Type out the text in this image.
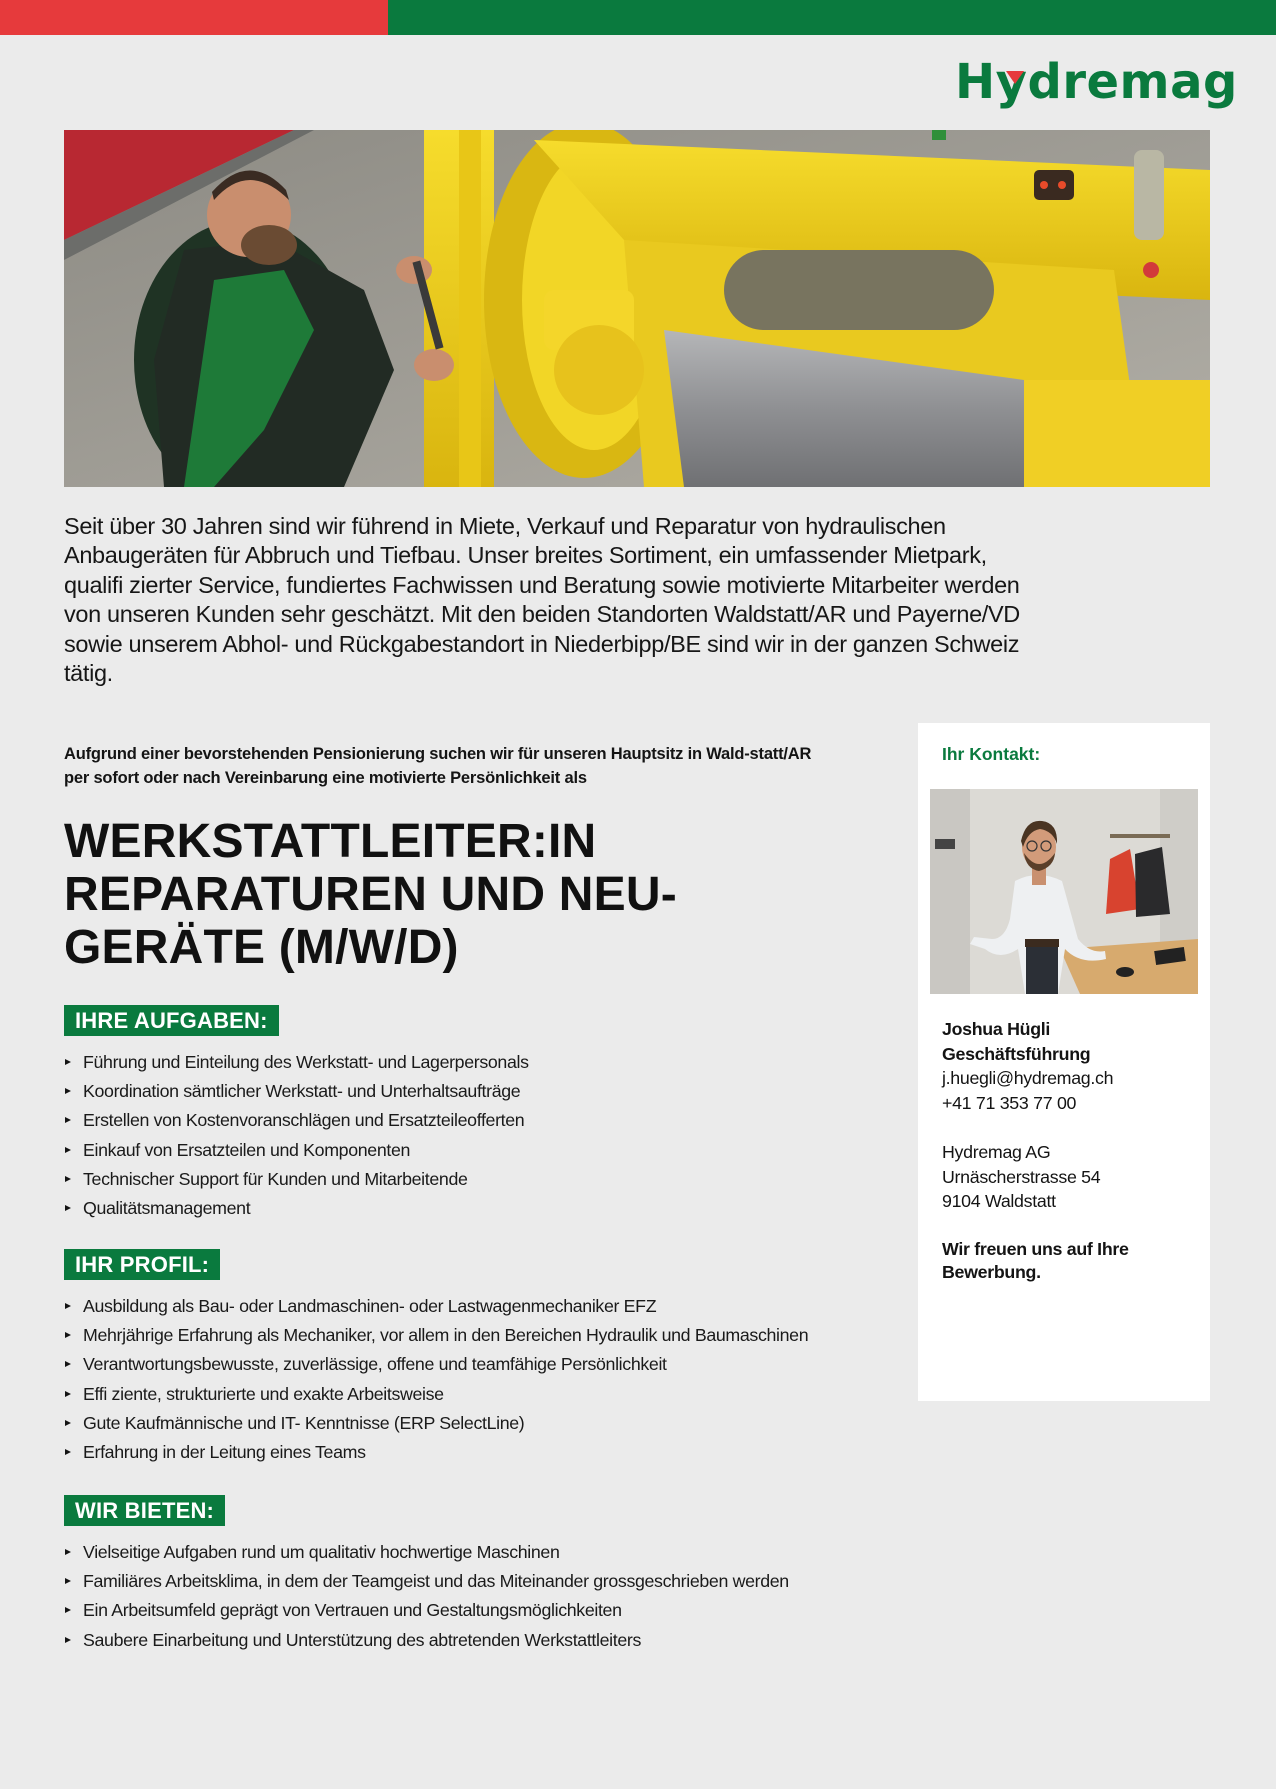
Hydremag

Seit über 30 Jahren sind wir führend in Miete, Verkauf und Reparatur von hydraulischen Anbaugeräten für Abbruch und Tiefbau. Unser breites Sortiment, ein umfassender Mietpark, qualifi zierter Service, fundiertes Fachwissen und Beratung sowie motivierte Mitarbeiter werden von unseren Kunden sehr geschätzt. Mit den beiden Standorten Waldstatt/AR und Payerne/VD sowie unserem Abhol- und Rückgabestandort in Niederbipp/BE sind wir in der ganzen Schweiz tätig.

Aufgrund einer bevorstehenden Pensionierung suchen wir für unseren Hauptsitz in Wald-statt/AR per sofort oder nach Vereinbarung eine motivierte Persönlichkeit als

WERKSTATTLEITER:IN REPARATUREN UND NEU-GERÄTE (M/W/D)
IHRE AUFGABEN:
Führung und Einteilung des Werkstatt- und Lagerpersonals
Koordination sämtlicher Werkstatt- und Unterhaltsaufträge
Erstellen von Kostenvoranschlägen und Ersatzteileofferten
Einkauf von Ersatzteilen und Komponenten
Technischer Support für Kunden und Mitarbeitende
Qualitätsmanagement
IHR PROFIL:
Ausbildung als Bau- oder Landmaschinen- oder Lastwagenmechaniker EFZ
Mehrjährige Erfahrung als Mechaniker, vor allem in den Bereichen Hydraulik und Baumaschinen
Verantwortungsbewusste, zuverlässige, offene und teamfähige Persönlichkeit
Effi ziente, strukturierte und exakte Arbeitsweise
Gute Kaufmännische und IT- Kenntnisse (ERP SelectLine)
Erfahrung in der Leitung eines Teams
WIR BIETEN:
Vielseitige Aufgaben rund um qualitativ hochwertige Maschinen
Familiäres Arbeitsklima, in dem der Teamgeist und das Miteinander grossgeschrieben werden
Ein Arbeitsumfeld geprägt von Vertrauen und Gestaltungsmöglichkeiten
Saubere Einarbeitung und Unterstützung des abtretenden Werkstattleiters
Ihr Kontakt:
Joshua Hügli
Geschäftsführung
j.huegli@hydremag.ch
+41 71 353 77 00
Hydremag AG
Urnäscherstrasse 54
9104 Waldstatt
Wir freuen uns auf Ihre Bewerbung.
